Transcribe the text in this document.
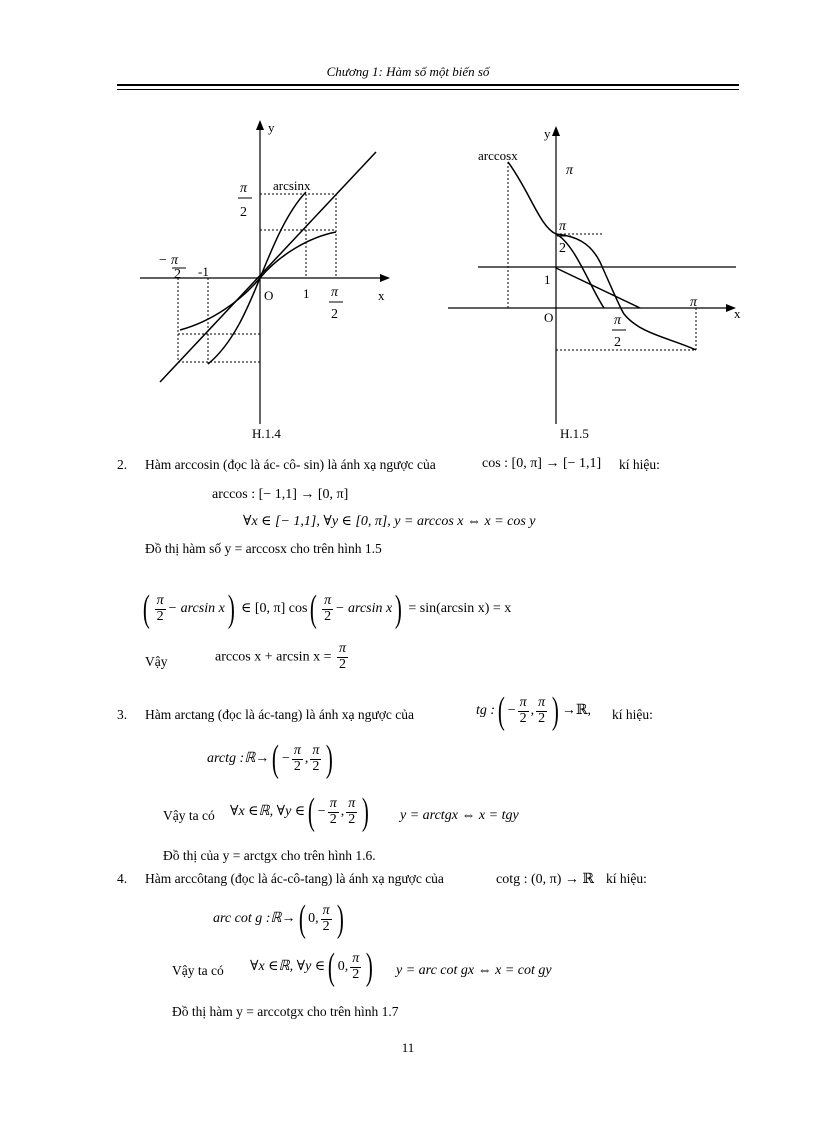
Chương 1: Hàm số một biến số
y
x
O
arcsinx
π
2
− π
2 -1
1 π
2
H.1.4
y
x
O
arccosx
π
π
2
1
π
π
2
H.1.5
2. Hàm arccosin (đọc là ác- cô- sin) là ánh xạ ngược của	cos : [0, π] → [− 1,1] kí hiệu:
arccos : [− 1,1] → [0, π]
∀x ∈ [− 1,1], ∀y ∈ [0, π], y = arccos x ⇔ x = cos y
Đồ thị hàm số y = arccosx cho trên hình 1.5
( $\frac{\pi}{2} - \arcsin x$) ∈ [0, π] $\cos( \frac{\pi}{2} - \arcsin x) = \sin(\arcsin$ x) = x
Vậy	$\arccos x + \arcsin x = \frac{\pi}{2}$
3. Hàm arctang (đọc là ác-tang) là ánh xạ ngược của	tg :( − $\frac{\pi}{2}$ , $\frac{\pi}{2}$ ) →ℝ, kí hiệu:
arctg :ℝ→( − $\frac{\pi}{2}$ , $\frac{\pi}{2}$ )
Vậy ta có ∀x ∈ℝ, ∀y ∈( − $\frac{\pi}{2}$ , $\frac{\pi}{2}$ ) y = arctgx ⇔ x = tgy
Đồ thị của y = arctgx cho trên hình 1.6.
4. Hàm arccôtang (đọc là ác-cô-tang) là ánh xạ ngược của	cotg : (0, π) → ℝ kí hiệu:
arc cot g :ℝ→( 0, $\frac{\pi}{2}$ )
Vậy ta có ∀x ∈ℝ, ∀y ∈( 0, $\frac{\pi}{2}$ ) y = arc cot gx ⇔ x = cot gy
Đồ thị hàm y = arccotgx cho trên hình 1.7
11
